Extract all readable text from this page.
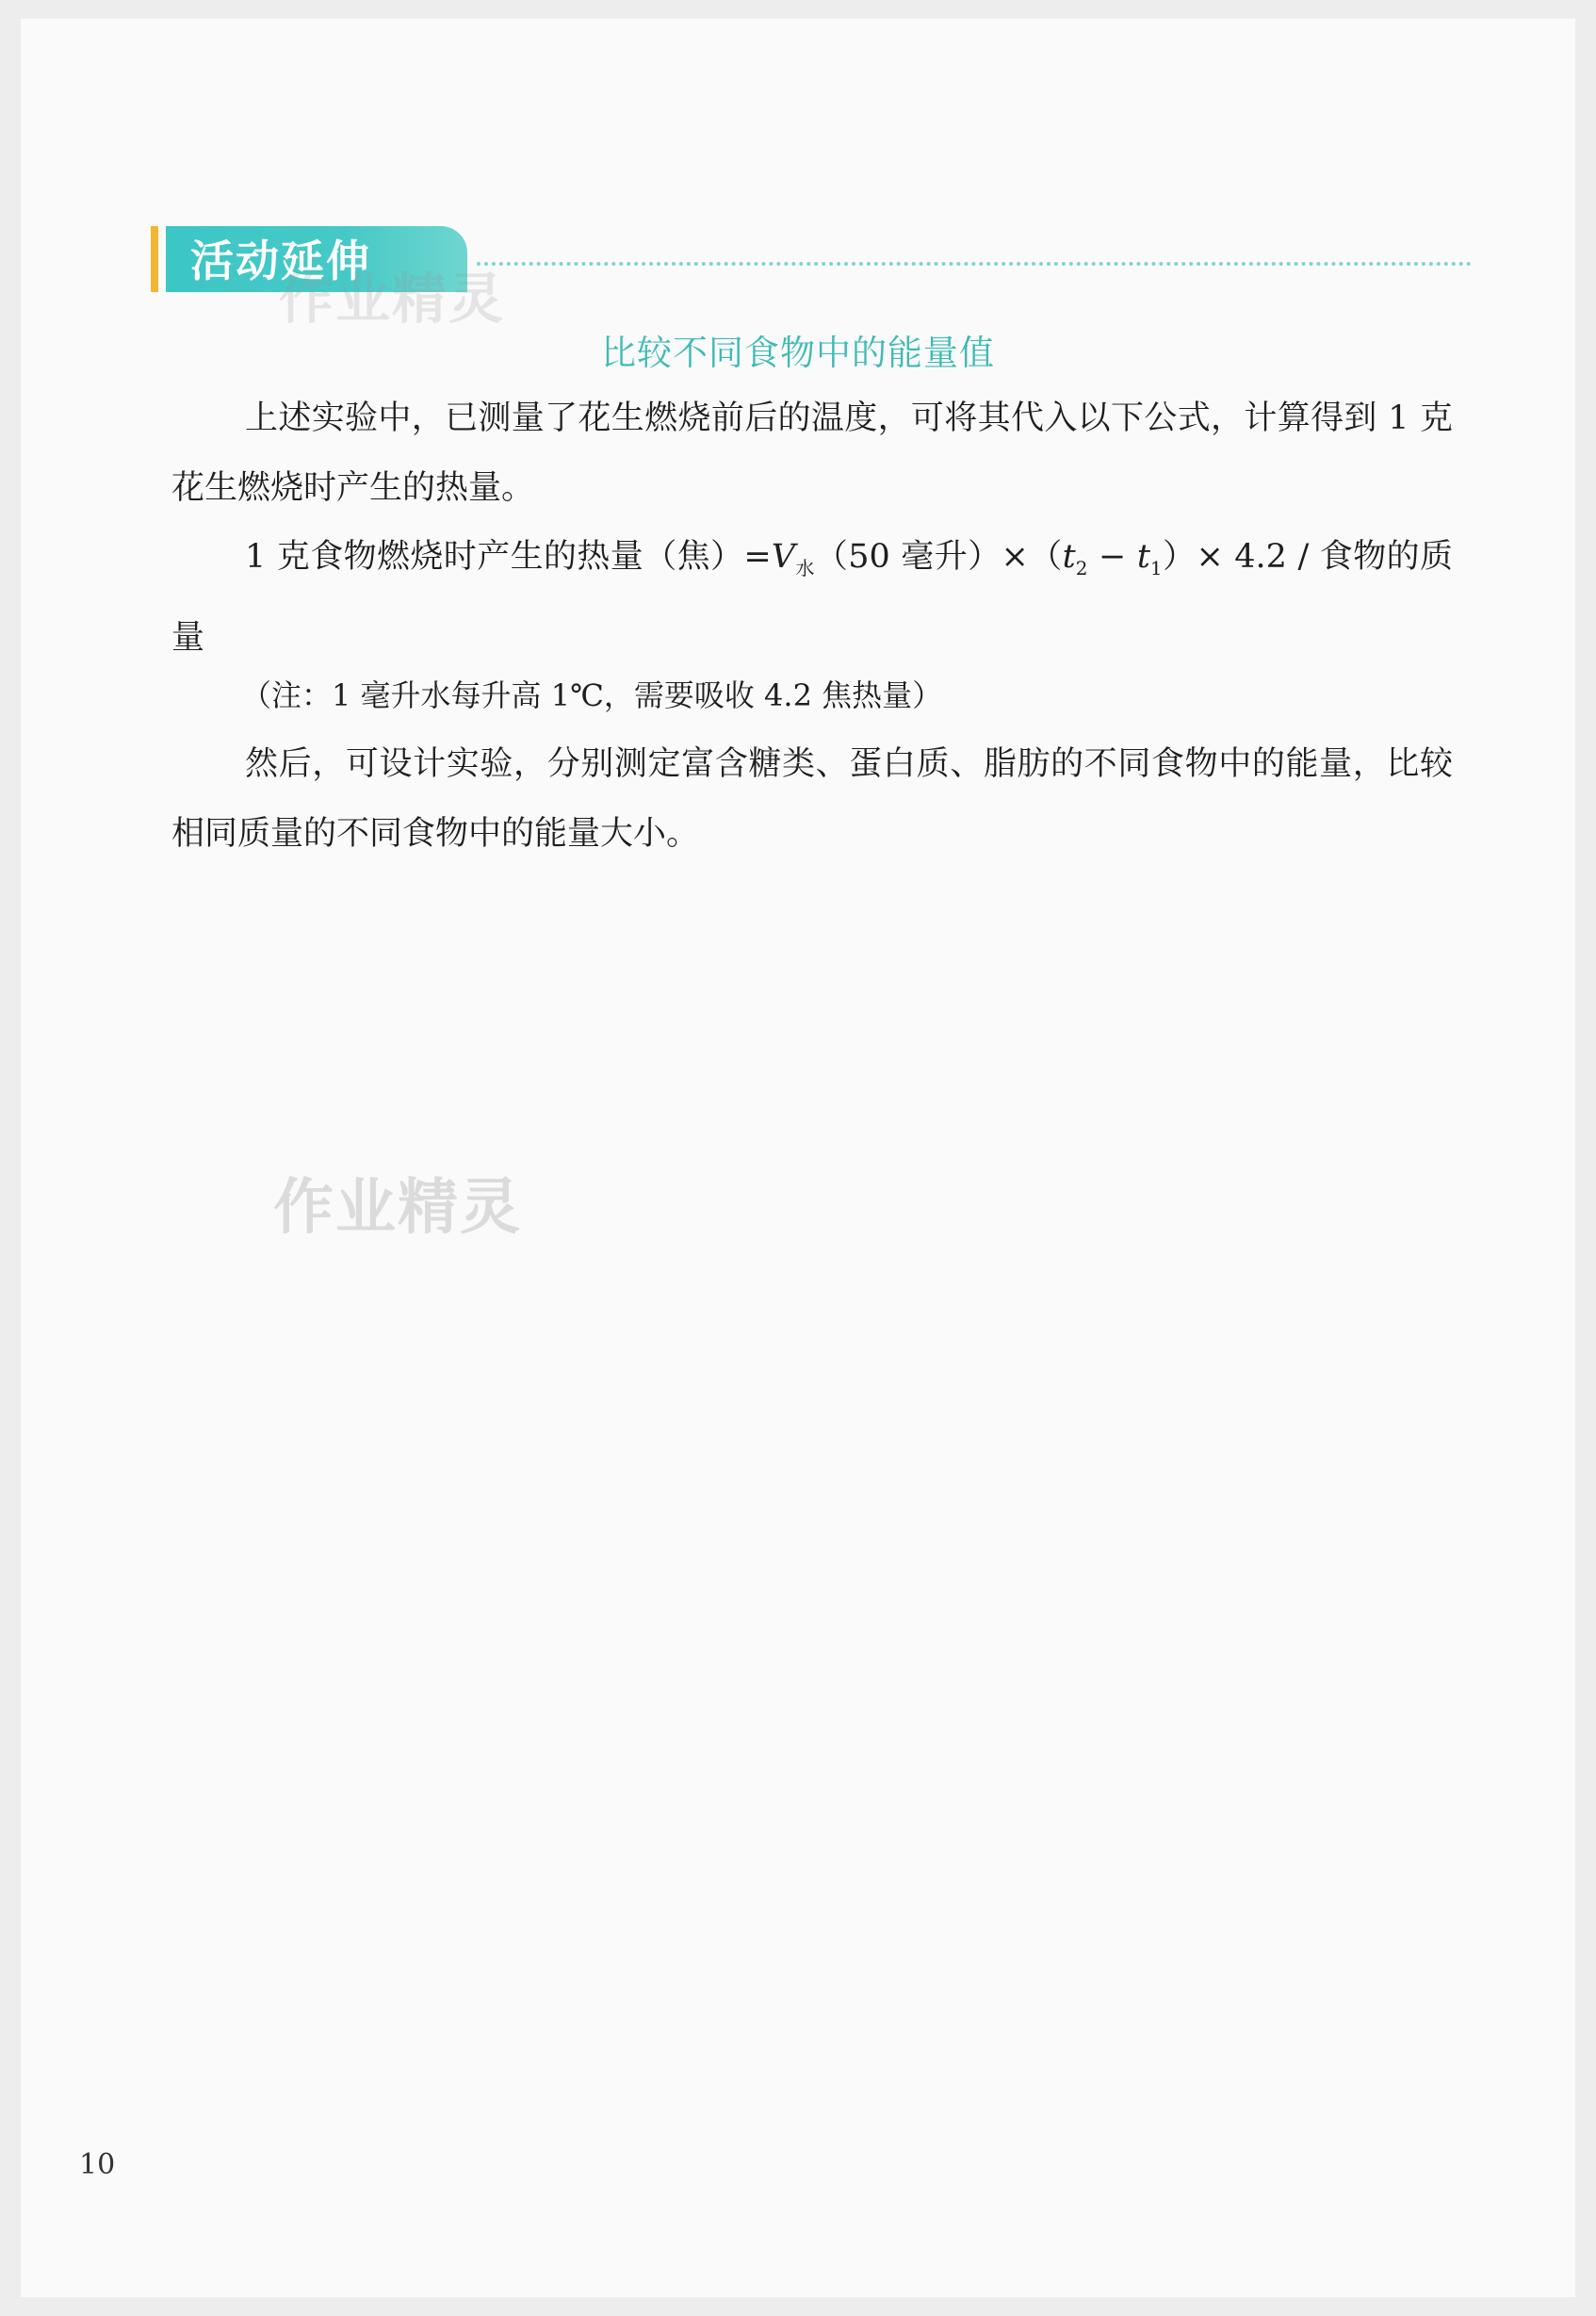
活动延伸
作业精灵
比较不同食物中的能量值

上述实验中，已测量了花生燃烧前后的温度，可将其代入以下公式，计算得到 1 克花生燃烧时产生的热量。

1 克食物燃烧时产生的热量（焦）$=V_水(50$ 毫升）$\times(t_2 - t_1)\times 4.2$ / 食物的质量

（注：1 毫升水每升高 1℃，需要吸收 4.2 焦热量）

然后，可设计实验，分别测定富含糖类、蛋白质、脂肪的不同食物中的能量，比较相同质量的不同食物中的能量大小。

作业精灵
10
